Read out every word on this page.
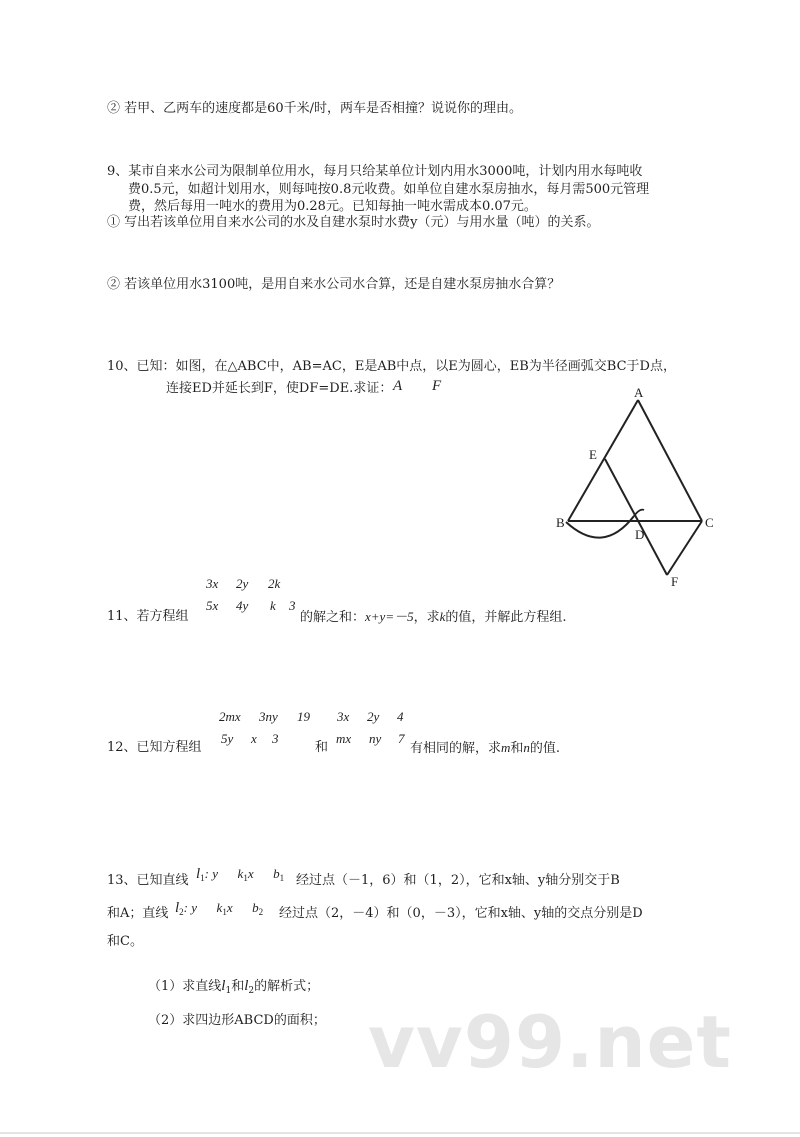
② 若甲、乙两车的速度都是60千米/时，两车是否相撞？说说你的理由。
9、某市自来水公司为限制单位用水，每月只给某单位计划内用水3000吨，计划内用水每吨收
费0.5元，如超计划用水，则每吨按0.8元收费。如单位自建水泵房抽水，每月需500元管理
费，然后每用一吨水的费用为0.28元。已知每抽一吨水需成本0.07元。
① 写出若该单位用自来水公司的水及自建水泵时水费y（元）与用水量（吨）的关系。
② 若该单位用水3100吨，是用自来水公司水合算，还是自建水泵房抽水合算？
10、已知：如图，在△ABC中，AB=AC，E是AB中点，以E为圆心，EB为半径画弧交BC于D点，
连接ED并延长到F，使DF=DE.求证： A F	A
E
B	C
D
F
3x 2y 2k
5x 4y k 3
11、若方程组	的解之和：x+y=－5，求k的值，并解此方程组.
2mx 3ny 19
5y x 3
3x 2y 4
mx ny 7
12、已知方程组	和	有相同的解，求m和n的值.
13、已知直线 $l_1$: y $k_1x$ $b_1$ 经过点（－1，6）和（1，2），它和x轴、y轴分别交于B
和A；直线 $l_2$: y $k_1x$ $b_2$ 经过点（2，－4）和（0，－3），它和x轴、y轴的交点分别是D
和C。
（1）求直线$l_1$和$l_2$的解析式；
（2）求四边形ABCD的面积； vv99.net
